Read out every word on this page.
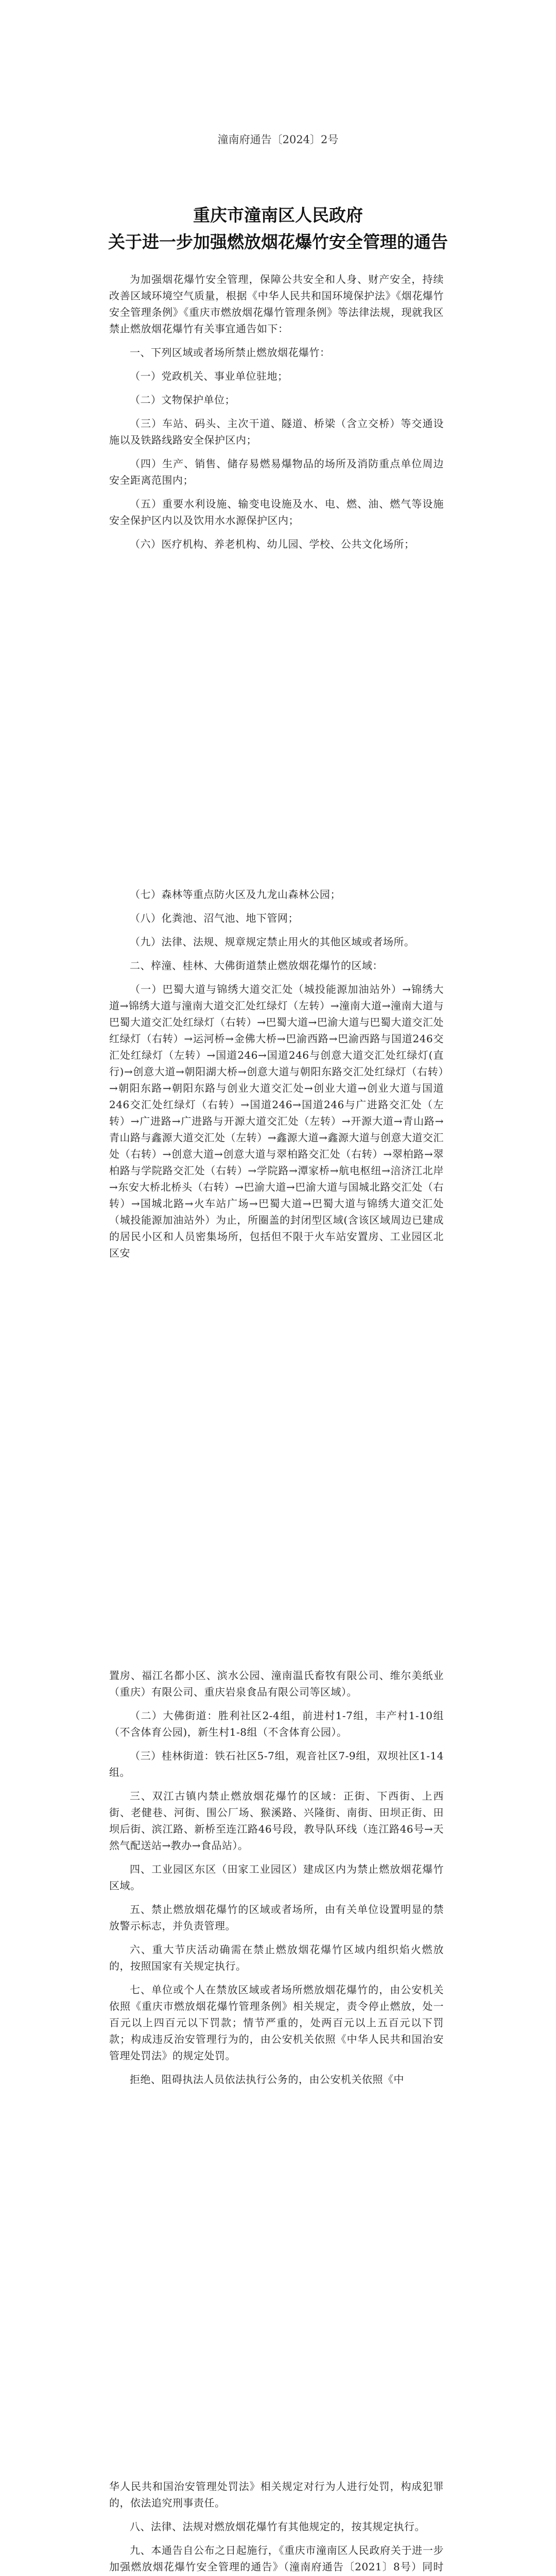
潼南府通告〔2024〕2号
重庆市潼南区人民政府
关于进一步加强燃放烟花爆竹安全管理的通告

为加强烟花爆竹安全管理，保障公共安全和人身、财产安全，持续改善区域环境空气质量，根据《中华人民共和国环境保护法》《烟花爆竹安全管理条例》《重庆市燃放烟花爆竹管理条例》等法律法规，现就我区禁止燃放烟花爆竹有关事宜通告如下：

一、下列区域或者场所禁止燃放烟花爆竹：

（一）党政机关、事业单位驻地；

（二）文物保护单位；

（三）车站、码头、主次干道、隧道、桥梁（含立交桥）等交通设施以及铁路线路安全保护区内；

（四）生产、销售、储存易燃易爆物品的场所及消防重点单位周边安全距离范围内；

（五）重要水利设施、输变电设施及水、电、燃、油、燃气等设施安全保护区内以及饮用水水源保护区内；

（六）医疗机构、养老机构、幼儿园、学校、公共文化场所；

（七）森林等重点防火区及九龙山森林公园；

（八）化粪池、沼气池、地下管网；

（九）法律、法规、规章规定禁止用火的其他区域或者场所。

二、梓潼、桂林、大佛街道禁止燃放烟花爆竹的区域：

（一）巴蜀大道与锦绣大道交汇处（城投能源加油站外）→锦绣大道→锦绣大道与潼南大道交汇处红绿灯（左转）→潼南大道→潼南大道与巴蜀大道交汇处红绿灯（右转）→巴蜀大道→巴渝大道与巴蜀大道交汇处红绿灯（右转）→运河桥→金佛大桥→巴渝西路→巴渝西路与国道246交汇处红绿灯（左转）→国道246→国道246与创意大道交汇处红绿灯(直行)→创意大道→朝阳湖大桥→创意大道与朝阳东路交汇处红绿灯（右转）→朝阳东路→朝阳东路与创业大道交汇处→创业大道→创业大道与国道246交汇处红绿灯（右转）→国道246→国道246与广进路交汇处（左转）→广进路→广进路与开源大道交汇处（左转）→开源大道→青山路→青山路与鑫源大道交汇处（左转）→鑫源大道→鑫源大道与创意大道交汇处（右转）→创意大道→创意大道与翠柏路交汇处（右转）→翠柏路→翠柏路与学院路交汇处（右转）→学院路→潭家桥→航电枢纽→涪济江北岸→东安大桥北桥头（右转）→巴渝大道→巴渝大道与国城北路交汇处（右转）→国城北路→火车站广场→巴蜀大道→巴蜀大道与锦绣大道交汇处（城投能源加油站外）为止，所圈盖的封闭型区域(含该区域周边已建成的居民小区和人员密集场所，包括但不限于火车站安置房、工业园区北区安

置房、福江名都小区、滨水公园、潼南温氏畜牧有限公司、维尔美纸业（重庆）有限公司、重庆岩泉食品有限公司等区域）。

（二）大佛街道：胜利社区2-4组，前进村1-7组，丰产村1-10组（不含体育公园)，新生村1-8组（不含体育公园）。

（三）桂林街道：铁石社区5-7组，观音社区7-9组，双坝社区1-14组。

三、双江古镇内禁止燃放烟花爆竹的区域：正街、下西街、上西街、老健巷、河街、围公厂场、猴溪路、兴隆街、南街、田坝正街、田坝后街、滨江路、新桥至连江路46号段，教导队环线（连江路46号→天然气配送站→教办→食品站）。

四、工业园区东区（田家工业园区）建成区内为禁止燃放烟花爆竹区域。

五、禁止燃放烟花爆竹的区域或者场所，由有关单位设置明显的禁放警示标志，并负责管理。

六、重大节庆活动确需在禁止燃放烟花爆竹区域内组织焰火燃放的，按照国家有关规定执行。

七、单位或个人在禁放区域或者场所燃放烟花爆竹的，由公安机关依照《重庆市燃放烟花爆竹管理条例》相关规定，责令停止燃放，处一百元以上四百元以下罚款；情节严重的，处两百元以上五百元以下罚款；构成违反治安管理行为的，由公安机关依照《中华人民共和国治安管理处罚法》的规定处罚。

拒绝、阻碍执法人员依法执行公务的，由公安机关依照《中

华人民共和国治安管理处罚法》相关规定对行为人进行处罚，构成犯罪的，依法追究刑事责任。

八、法律、法规对燃放烟花爆竹有其他规定的，按其规定执行。

九、本通告自公布之日起施行，《重庆市潼南区人民政府关于进一步加强燃放烟花爆竹安全管理的通告》（潼南府通告〔2021〕8号）同时
